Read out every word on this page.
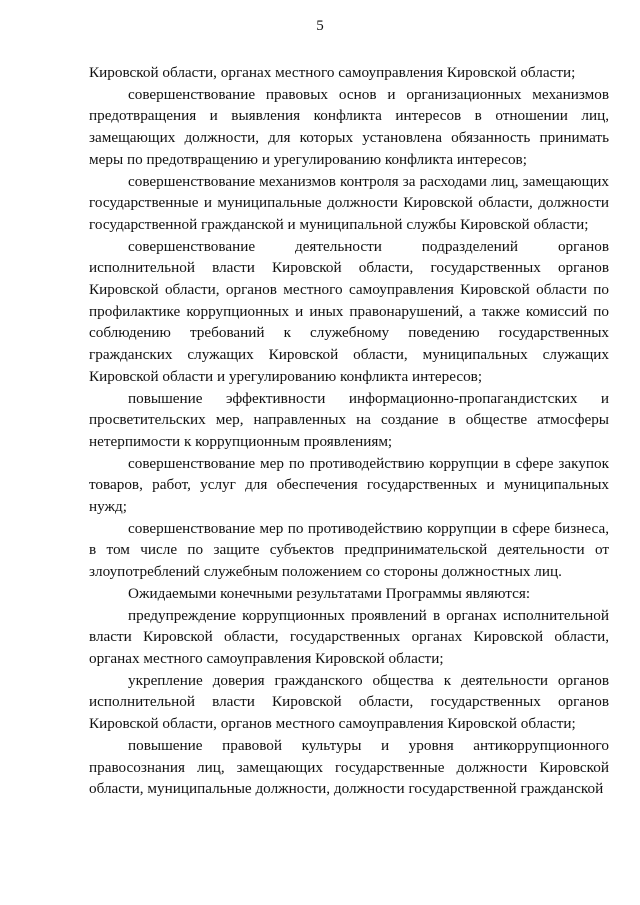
5

Кировской области, органах местного самоуправления Кировской области;

совершенствование правовых основ и организационных механизмов предотвращения и выявления конфликта интересов в отношении лиц, замещающих должности, для которых установлена обязанность принимать меры по предотвращению и урегулированию конфликта интересов;

совершенствование механизмов контроля за расходами лиц, замещающих государственные и муниципальные должности Кировской области, должности государственной гражданской и муниципальной службы Кировской области;

совершенствование деятельности подразделений органов исполнительной власти Кировской области, государственных органов Кировской области, органов местного самоуправления Кировской области по профилактике коррупционных и иных правонарушений, а также комиссий по соблюдению требований к служебному поведению государственных гражданских служащих Кировской области, муниципальных служащих Кировской области и урегулированию конфликта интересов;

повышение эффективности информационно-пропагандистских и просветительских мер, направленных на создание в обществе атмосферы нетерпимости к коррупционным проявлениям;

совершенствование мер по противодействию коррупции в сфере закупок товаров, работ, услуг для обеспечения государственных и муниципальных нужд;

совершенствование мер по противодействию коррупции в сфере бизнеса, в том числе по защите субъектов предпринимательской деятельности от злоупотреблений служебным положением со стороны должностных лиц.

Ожидаемыми конечными результатами Программы являются:

предупреждение коррупционных проявлений в органах исполнительной власти Кировской области, государственных органах Кировской области, органах местного самоуправления Кировской области;

укрепление доверия гражданского общества к деятельности органов исполнительной власти Кировской области, государственных органов Кировской области, органов местного самоуправления Кировской области;

повышение правовой культуры и уровня антикоррупционного правосознания лиц, замещающих государственные должности Кировской области, муниципальные должности, должности государственной гражданской
